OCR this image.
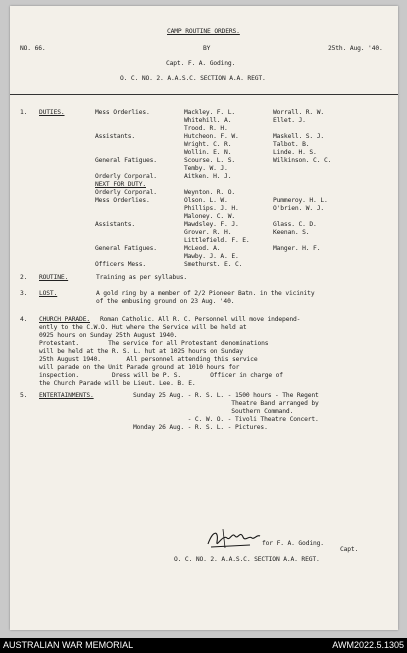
CAMP ROUTINE ORDERS.
NO. 66.	BY	25th. Aug. '40.
Capt. F. A. Goding.
O. C. NO. 2. A.A.S.C. SECTION A.A. REGT.
1. DUTIES.	Mess Orderlies.	Mackley. F. L.	Worrall. R. W.
Whitehill. A.	Ellet. J.
Trood. R. H.
Assistants.	Hutcheon. F. W.	Maskell. S. J.
Wright. C. R.	Talbot. B.
Wollin. E. N.	Linde. H. S.
General Fatigues.	Scourse. L. S.	Wilkinson. C. C.
Temby. W. J.
Orderly Corporal.	Aitken. H. J.
NEXT FOR DUTY.
Orderly Corporal.	Weynton. R. O.
Mess Orderlies.	Olson. L. W.	Pummeroy. H. L.
Phillips. J. H.	O'brien. W. J.
Maloney. C. W.
Assistants.	Mawdsley. F. J.	Glass. C. D.
Grover. R. H.	Keenan. S.
Littlefield. F. E.
General Fatigues.	McLeod. A.	Manger. H. F.
Mawby. J. A. E.
Officers Mess.	Smethurst. E. C.
2. ROUTINE.	Training as per syllabus.
3. LOST.	A gold ring by a member of 2/2 Pioneer Batn. in the vicinity
of the embusing ground on 23 Aug. '40.
4. CHURCH PARADE. Roman Catholic. All R. C. Personnel will move independ-
ently to the C.W.O. Hut where the Service will be held at
0925 hours on Sunday 25th August 1940.
Protestant.        The service for all Protestant denominations
will be held at the R. S. L. hut at 1025 hours on Sunday
25th August 1940.       All personnel attending this service
will parade on the Unit Parade ground at 1010 hours for
inspection.         Dress will be P. S.        Officer in charge of
the Church Parade will be Lieut. Lee. B. E.
5. ENTERTAINMENTS.	Sunday 25 Aug. - R. S. L. - 1500 hours - The Regent
Theatre Band arranged by
Southern Command.
- C. W. O. - Tivoli Theatre Concert.
Monday 26 Aug. - R. S. L. - Pictures.
for F. A. Goding.
Capt.
O. C. NO. 2. A.A.S.C. SECTION A.A. REGT.
AUSTRALIAN WAR MEMORIAL	AWM2022.5.1305
